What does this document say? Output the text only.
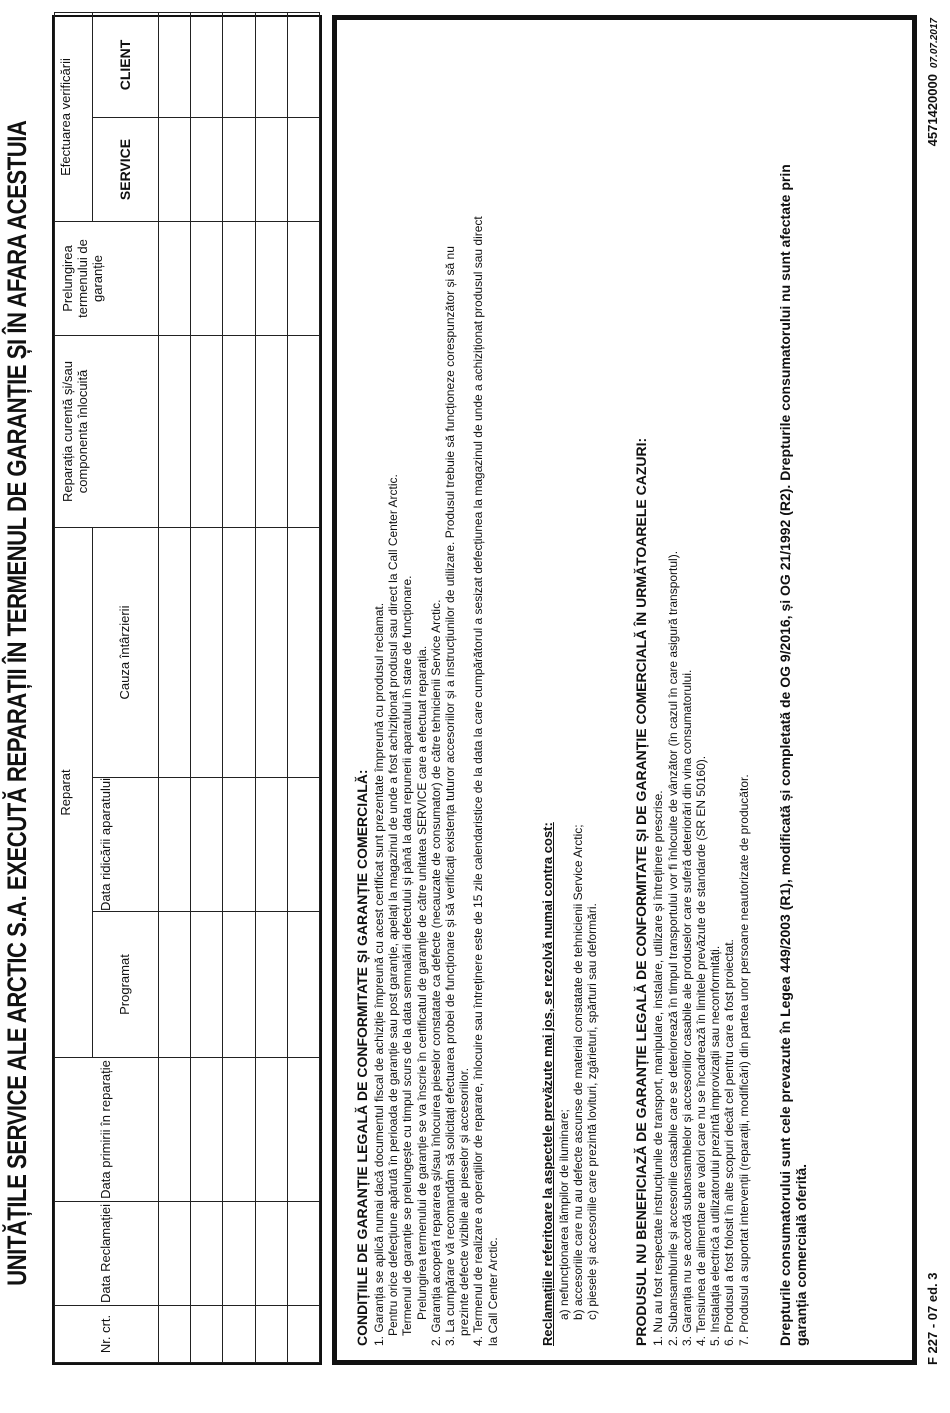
UNITĂȚILE SERVICE ALE ARCTIC S.A. EXECUTĂ REPARAȚII ÎN TERMENUL DE GARANȚIE ȘI ÎN AFARA ACESTUIA
Nr. crt.	Data Reclamației	Data primirii în reparație	Reparat			Reparația curentă și/sau componenta înlocuită	Prelungirea termenului de garanție	Efectuarea verificării	
			Programat	Data ridicării aparatului	Cauza întârzierii			SERVICE	CLIENT

CONDIȚIILE DE GARANȚIE LEGALĂ DE CONFORMITATE ȘI GARANȚIE COMERCIALĂ: 1. Garanția se aplică numai dacă documentul fiscal de achiziție împreună cu acest certificat sunt prezentate împreună cu produsul reclamat. Pentru orice defecțiune apărută în perioada de garanție sau post garanție, apelați la magazinul de unde a fost achiziționat produsul sau direct la Call Center Arctic. Termenul de garanție se prelungește cu timpul scurs de la data semnalării defectului și până la data repunerii aparatului în stare de funcționare. Prelungirea termenului de garanție se va înscrie în certificatul de garanție de către unitatea SERVICE care a efectuat reparația. 2. Garanția acoperă repararea și/sau înlocuirea pieselor constatate ca defecte (necauzate de consumator) de către tehnicienii Service Arctic. 3. La cumpărare vă recomandăm să solicitați efectuarea probei de funcționare și să verificați existența tuturor accesoriilor și a instrucțiunilor de utilizare. Produsul trebuie să funcționeze corespunzător și să nu prezinte defecte vizibile ale pieselor și accesoriilor. 4. Termenul de realizare a operațiilor de reparare, înlocuire sau întreținere este de 15 zile calendaristice de la data la care cumpărătorul a sesizat defecțiunea la magazinul de unde a achiziționat produsul sau direct la Call Center Arctic.	Reclamațiile referitoare la aspectele prevăzute mai jos, se rezolvă numai contra cost: a) nefuncționarea lămpilor de iluminare; b) accesoriile care nu au defecte ascunse de material constatate de tehnicienii Service Arctic; c) piesele și accesoriile care prezintă lovituri, zgârieturi, spărturi sau deformări. PRODUSUL NU BENEFICIAZĂ DE GARANȚIE LEGALĂ DE CONFORMITATE ȘI DE GARANȚIE COMERCIALĂ ÎN URMĂTOARELE CAZURI: 1. Nu au fost respectate instrucțiunile de transport, manipulare, instalare, utilizare și întreținere prescrise. 2. Subansamblurile și accesoriile casabile care se deteriorează în timpul transportului vor fi înlocuite de vânzător (în cazul în care asigură transportul). 3. Garanția nu se acordă subansamblelor și accesoriilor casabile ale produselor care suferă deteriorări din vina consumatorului. 4. Tensiunea de alimentare are valori care nu se încadrează în limitele prevăzute de standarde (SR EN 50160). 5. Instalația electrică a utilizatorului prezintă improvizații sau neconformități. 6. Produsul a fost folosit în alte scopuri decât cel pentru care a fost proiectat. 7. Produsul a suportat intervenții (reparații, modificări) din partea unor persoane neautorizate de producător. Drepturile consumatorului sunt cele prevazute în Legea 449/2003 (R1), modificată și completată de OG 9/2016, și OG 21/1992 (R2). Drepturile consumatorului nu sunt afectate prin garanția comercială oferită.	F 227 - 07 ed. 3
457142000007.07.2017
